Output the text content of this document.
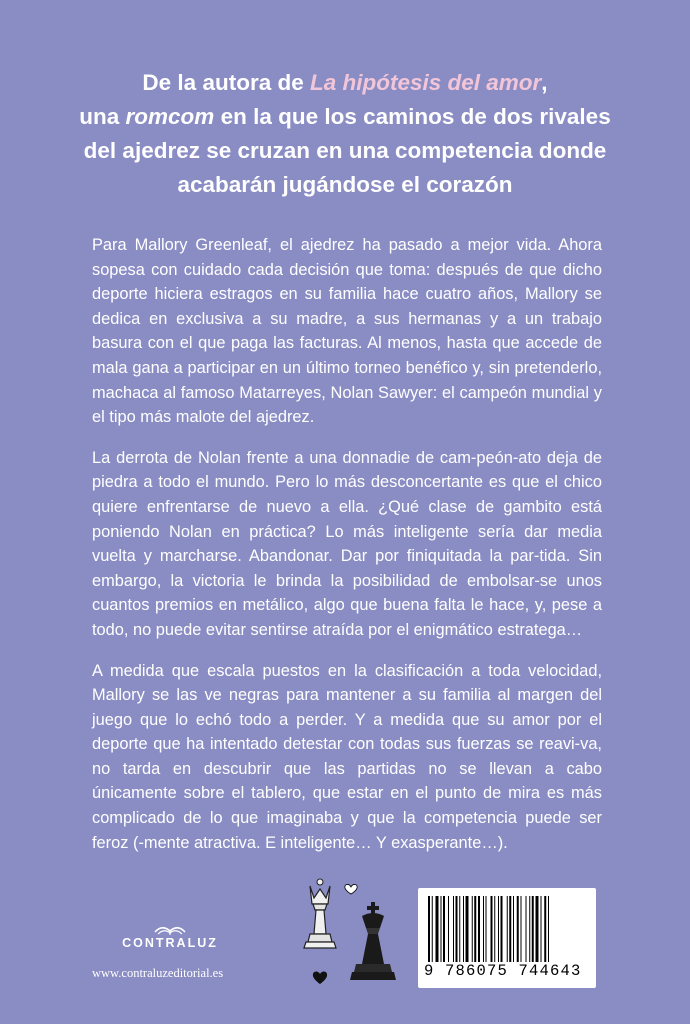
De la autora de La hipótesis del amor,
una romcom en la que los caminos de dos rivales
del ajedrez se cruzan en una competencia donde
acabarán jugándose el corazón

Para Mallory Greenleaf, el ajedrez ha pasado a mejor vida. Ahora sopesa con cuidado cada decisión que toma: después de que dicho deporte hiciera estragos en su familia hace cuatro años, Mallory se dedica en exclusiva a su madre, a sus hermanas y a un trabajo basura con el que paga las facturas. Al menos, hasta que accede de mala gana a participar en un último torneo benéfico y, sin pretenderlo, machaca al famoso Matarreyes, Nolan Sawyer: el campeón mundial y el tipo más malote del ajedrez.

La derrota de Nolan frente a una donnadie de cam-peón-ato deja de piedra a todo el mundo. Pero lo más desconcertante es que el chico quiere enfrentarse de nuevo a ella. ¿Qué clase de gambito está poniendo Nolan en práctica? Lo más inteligente sería dar media vuelta y marcharse. Abandonar. Dar por finiquitada la par-tida. Sin embargo, la victoria le brinda la posibilidad de embolsar-se unos cuantos premios en metálico, algo que buena falta le hace, y, pese a todo, no puede evitar sentirse atraída por el enigmático estratega…

A medida que escala puestos en la clasificación a toda velocidad, Mallory se las ve negras para mantener a su familia al margen del juego que lo echó todo a perder. Y a medida que su amor por el deporte que ha intentado detestar con todas sus fuerzas se reavi-va, no tarda en descubrir que las partidas no se llevan a cabo únicamente sobre el tablero, que estar en el punto de mira es más complicado de lo que imaginaba y que la competencia puede ser feroz (-mente atractiva. E inteligente… Y exasperante…).

CONTRALUZ
www.contraluzeditorial.es	9 786075 744643
